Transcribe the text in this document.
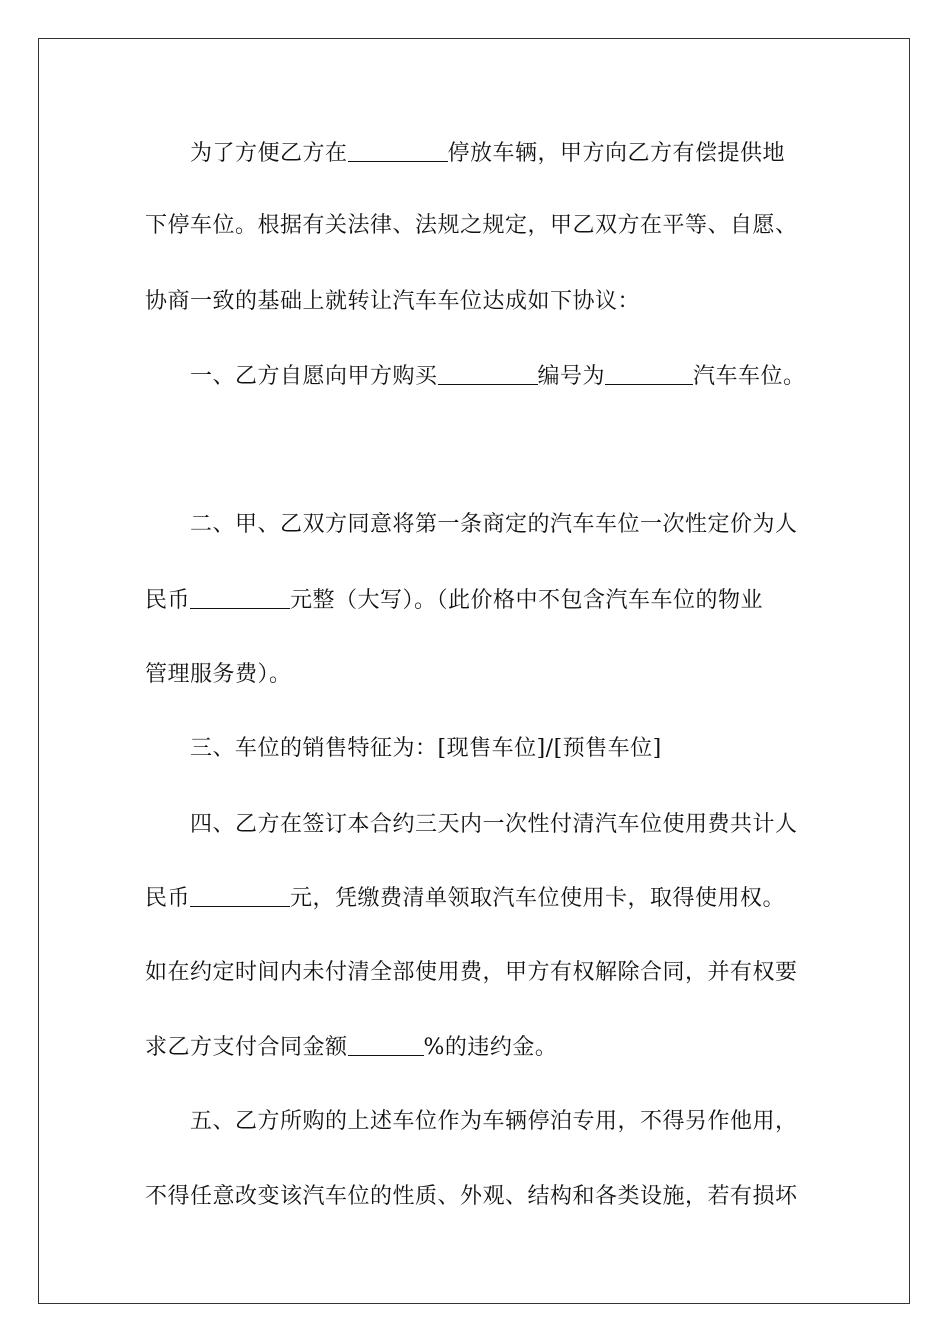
为了方便乙方在	停放车辆，甲方向乙方有偿提供地
下停车位。根据有关法律、法规之规定，甲乙双方在平等、自愿、
协商一致的基础上就转让汽车车位达成如下协议：
一、乙方自愿向甲方购买	编号为	汽车车位。
二、甲、乙双方同意将第一条商定的汽车车位一次性定价为人
民币	元整（大写）。（此价格中不包含汽车车位的物业
管理服务费）。
三、车位的销售特征为：[现售车位]/[预售车位]
四、乙方在签订本合约三天内一次性付清汽车位使用费共计人
民币	元，凭缴费清单领取汽车位使用卡，取得使用权。
如在约定时间内未付清全部使用费，甲方有权解除合同，并有权要
求乙方支付合同金额	%的违约金。
五、乙方所购的上述车位作为车辆停泊专用，不得另作他用，
不得任意改变该汽车位的性质、外观、结构和各类设施，若有损坏
